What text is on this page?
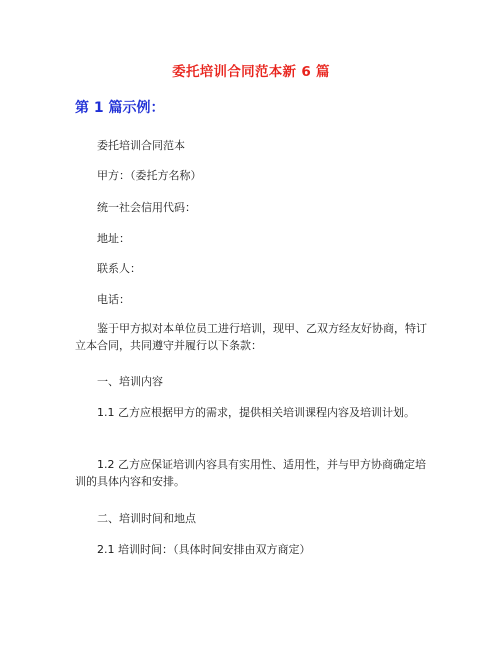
委托培训合同范本新 6 篇
第 1 篇示例：

委托培训合同范本

甲方：（委托方名称）

统一社会信用代码：

地址：

联系人：

电话：

鉴于甲方拟对本单位员工进行培训，现甲、乙双方经友好协商，特订立本合同，共同遵守并履行以下条款：

一、培训内容

1.1 乙方应根据甲方的需求，提供相关培训课程内容及培训计划。

1.2 乙方应保证培训内容具有实用性、适用性，并与甲方协商确定培训的具体内容和安排。

二、培训时间和地点

2.1 培训时间：（具体时间安排由双方商定）
